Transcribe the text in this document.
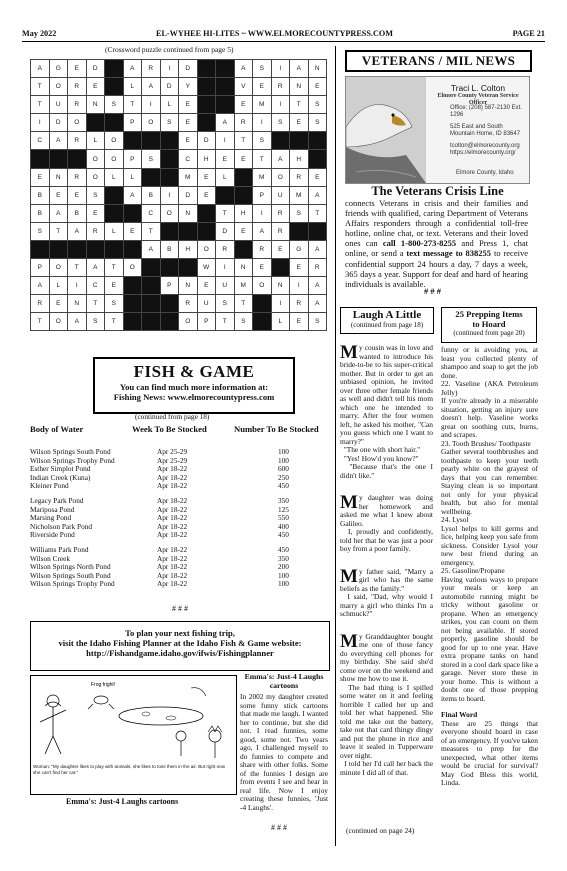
May 2022	EL-WYHEE HI-LITES ~ WWW.ELMORECOUNTYPRESS.COM	PAGE 21
(Crossword puzzle continued from page 5)
A	G	E	D		A	R	I	D			A	S	I	A	N
T	O	R	E		L	A	D	Y			V	E	R	N	E
T	U	R	N	S	T	I	L	E			E	M	I	T	S
I	D	O			P	O	S	E		A	R	I	S	E	S
C	A	R	L	O				E	D	I	T	S			
			O	O	P	S		C	H	E	E	T	A	H	
E	N	R	O	L	L			M	E	L		M	O	R	E
B	E	E	S		A	B	I	D	E			P	U	M	A
B	A	B	E			C	O	N		T	H	I	R	S	T
S	T	A	R	L	E	T				D	E	A	R		
						A	B	H	O	R		R	E	G	A
P	O	T	A	T	O				W	I	N	E		E	R
A	L	I	C	E			P	N	E	U	M	O	N	I	A
R	E	N	T	S				R	U	S	T		I	R	A
T	O	A	S	T				O	P	T	S		L	E	S
FISH & GAME
You can find much more information at:
Fishing News: www.elmorecountypress.com
(continued from page 18)
Body of Water	Week To Be Stocked	Number To Be Stocked
Wilson Springs South Pond	Apr 25-29	100
Wilson Springs Trophy Pond	Apr 25-29	100
Esther Simplot Pond	Apr 18-22	600
Indian Creek (Kuna)	Apr 18-22	250
Kleiner Pond	Apr 18-22	450
Legacy Park Pond	Apr 18-22	350
Mariposa Pond	Apr 18-22	125
Marsing Pond	Apr 18-22	550
Nicholson Park Pond	Apr 18-22	400
Riverside Pond	Apr 18-22	450
Williams Park Pond	Apr 18-22	450
Wilson Creek	Apr 18-22	350
Wilson Springs North Pond	Apr 18-22	200
Wilson Springs South Pond	Apr 18-22	100
Wilson Springs Trophy Pond	Apr 18-22	100
# # #
To plan your next fishing trip,
visit the Idaho Fishing Planner at the Idaho Fish & Game website:
http://Fishandgame.idaho.gov/ifwis/Fishingplanner
Frog fright!
Woman: "My daughter likes to play with animals, she likes to toss them in the air. But right now she can't find her cat."
Emma's: Just-4 Laughs cartoons
Emma's: Just-4 Laughs
cartoons
In 2002 my daughter created some funny stick cartoons that made me laugh. I wanted her to continue, but she did not. I read funnies, some good, some not. Two years ago, I challenged myself to do funnies to compete and share with other folks. Some of the funnies I design are from events I see and hear in real life. Now I enjoy creating these funnies, 'Just -4 Laughs'.
# # #
VETERANS / MIL NEWS
Traci L. Colton
Elmore County Veteran Service Officer
Office: (208) 587-2130 Ext. 1296
525 East and South
Mountain Home, ID 83647
tcolton@elmorecounty.org
https://elmorecounty.org/
Elmore County, Idaho
The Veterans Crisis Line
connects Veterans in crisis and their families and friends with qualified, caring Department of Veterans Affairs responders through a confidential toll-free hotline, online chat, or text. Veterans and their loved ones can call 1-800-273-8255 and Press 1, chat online, or send a text message to 838255 to receive confidential support 24 hours a day, 7 days a week, 365 days a year. Support for deaf and hard of hearing individuals is available.
# # #
Laugh A Little
(continued from page 18)

My cousin was in love and wanted to introduce his bride-to-be to his super-critical mother. But in order to get an unbiased opinion, he invited over three other female friends as well and didn't tell his mom which one he intended to marry. After the four women left, he asked his mother, "Can you guess which one I want to marry?"

"The one with short hair."

"Yes! How'd you know?"

"Because that's the one I didn't like."

My daughter was doing her homework and asked me what I knew about Galileo.

I, proudly and confidently, told her that he was just a poor boy from a poor family.

My father said, "Marry a girl who has the same beliefs as the family."

I said, "Dad, why would I marry a girl who thinks I'm a schmuck?"

My Granddaughter bought me one of those fancy do everything cell phones for my birthday. She said she'd come over on the weekend and show me how to use it.

The bad thing is I spilled some water on it and feeling horrible I called her up and told her what happened. She told me take out the battery, take out that card thingy dingy and put the phone in rice and leave it sealed in Tupperware over night.

I told her I'd call her back the minute I did all of that.

(continued on page 24)
25 Prepping Items
to Hoard
(continued from page 20)

funny or is avoiding you, at least you collected plenty of shampoo and soap to get the job done.

22. Vaseline (AKA Petroleum Jelly)

If you're already in a miserable situation, getting an injury sure doesn't help. Vaseline works great on soothing cuts, burns, and scrapes.

23. Tooth Brushes/ Toothpaste

Gather several toothbrushes and toothpaste to keep your teeth pearly white on the grayest of days that you can remember. Staying clean is so important not only for your physical health, but also for mental wellbeing.

24. Lysol

Lysol helps to kill germs and lice, helping keep you safe from sickness. Consider Lysol your new best friend during an emergency.

25. Gasoline/Propane

Having various ways to prepare your meals or keep an automobile running might be tricky without gasoline or propane. When an emergency strikes, you can count on them not being available. If stored properly, gasoline should be good for up to one year. Have extra propane tanks on hand stored in a cool dark space like a garage. Never store these in your home. This is without a doubt one of those prepping items to hoard.

Final Word

These are 25 things that everyone should hoard in case of an emergency. If you've taken measures to prep for the unexpected, what other items would be crucial for survival? May God Bless this world, Linda.
